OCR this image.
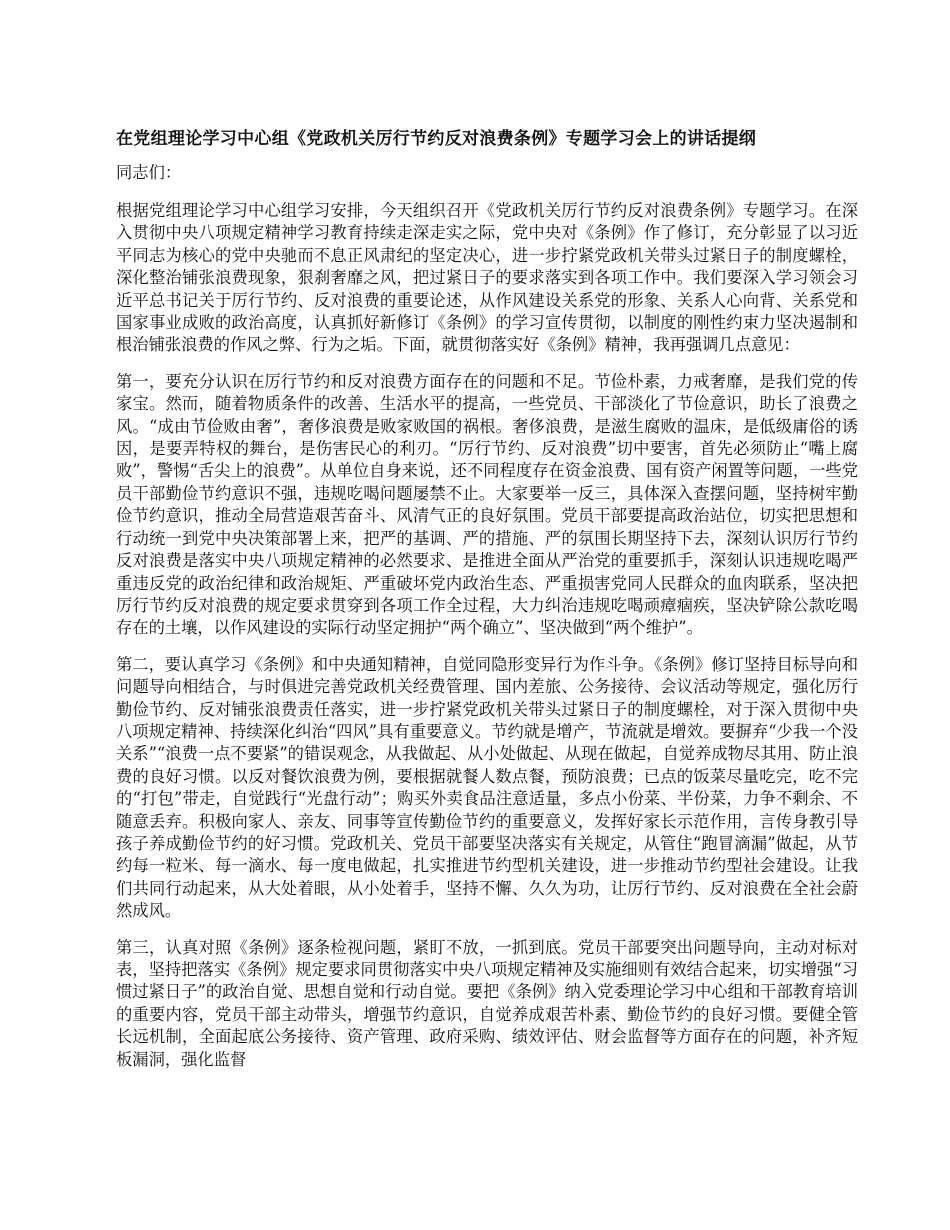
在党组理论学习中心组《党政机关厉行节约反对浪费条例》专题学习会上的讲话提纲

同志们：

根据党组理论学习中心组学习安排，今天组织召开《党政机关厉行节约反对浪费条例》专题学习。在深入贯彻中央八项规定精神学习教育持续走深走实之际，党中央对《条例》作了修订，充分彰显了以习近平同志为核心的党中央驰而不息正风肃纪的坚定决心，进一步拧紧党政机关带头过紧日子的制度螺栓，深化整治铺张浪费现象，狠刹奢靡之风，把过紧日子的要求落实到各项工作中。我们要深入学习领会习近平总书记关于厉行节约、反对浪费的重要论述，从作风建设关系党的形象、关系人心向背、关系党和国家事业成败的政治高度，认真抓好新修订《条例》的学习宣传贯彻，以制度的刚性约束力坚决遏制和根治铺张浪费的作风之弊、行为之垢。下面，就贯彻落实好《条例》精神，我再强调几点意见：

第一，要充分认识在厉行节约和反对浪费方面存在的问题和不足。节俭朴素，力戒奢靡，是我们党的传家宝。然而，随着物质条件的改善、生活水平的提高，一些党员、干部淡化了节俭意识，助长了浪费之风。“成由节俭败由奢”，奢侈浪费是败家败国的祸根。奢侈浪费，是滋生腐败的温床，是低级庸俗的诱因，是要弄特权的舞台，是伤害民心的利刃。“厉行节约、反对浪费”切中要害，首先必须防止“嘴上腐败”，警惕“舌尖上的浪费”。从单位自身来说，还不同程度存在资金浪费、国有资产闲置等问题，一些党员干部勤俭节约意识不强，违规吃喝问题屡禁不止。大家要举一反三，具体深入查摆问题，坚持树牢勤俭节约意识，推动全局营造艰苦奋斗、风清气正的良好氛围。党员干部要提高政治站位，切实把思想和行动统一到党中央决策部署上来，把严的基调、严的措施、严的氛围长期坚持下去，深刻认识厉行节约反对浪费是落实中央八项规定精神的必然要求、是推进全面从严治党的重要抓手，深刻认识违规吃喝严重违反党的政治纪律和政治规矩、严重破坏党内政治生态、严重损害党同人民群众的血肉联系，坚决把厉行节约反对浪费的规定要求贯穿到各项工作全过程，大力纠治违规吃喝顽瘴痼疾，坚决铲除公款吃喝存在的土壤，以作风建设的实际行动坚定拥护“两个确立”、坚决做到“两个维护”。

第二，要认真学习《条例》和中央通知精神，自觉同隐形变异行为作斗争。《条例》修订坚持目标导向和问题导向相结合，与时俱进完善党政机关经费管理、国内差旅、公务接待、会议活动等规定，强化厉行勤俭节约、反对铺张浪费责任落实，进一步拧紧党政机关带头过紧日子的制度螺栓，对于深入贯彻中央八项规定精神、持续深化纠治“四风”具有重要意义。节约就是增产，节流就是增效。要摒弃“少我一个没关系”“浪费一点不要紧”的错误观念，从我做起、从小处做起、从现在做起，自觉养成物尽其用、防止浪费的良好习惯。以反对餐饮浪费为例，要根据就餐人数点餐，预防浪费；已点的饭菜尽量吃完，吃不完的“打包”带走，自觉践行“光盘行动”；购买外卖食品注意适量，多点小份菜、半份菜，力争不剩余、不随意丢弃。积极向家人、亲友、同事等宣传勤俭节约的重要意义，发挥好家长示范作用，言传身教引导孩子养成勤俭节约的好习惯。党政机关、党员干部要坚决落实有关规定，从管住“跑冒滴漏”做起，从节约每一粒米、每一滴水、每一度电做起，扎实推进节约型机关建设，进一步推动节约型社会建设。让我们共同行动起来，从大处着眼，从小处着手，坚持不懈、久久为功，让厉行节约、反对浪费在全社会蔚然成风。

第三，认真对照《条例》逐条检视问题，紧盯不放，一抓到底。党员干部要突出问题导向，主动对标对表，坚持把落实《条例》规定要求同贯彻落实中央八项规定精神及实施细则有效结合起来，切实增强“习惯过紧日子”的政治自觉、思想自觉和行动自觉。要把《条例》纳入党委理论学习中心组和干部教育培训的重要内容，党员干部主动带头，增强节约意识，自觉养成艰苦朴素、勤俭节约的良好习惯。要健全管长远机制，全面起底公务接待、资产管理、政府采购、绩效评估、财会监督等方面存在的问题，补齐短板漏洞，强化监督
